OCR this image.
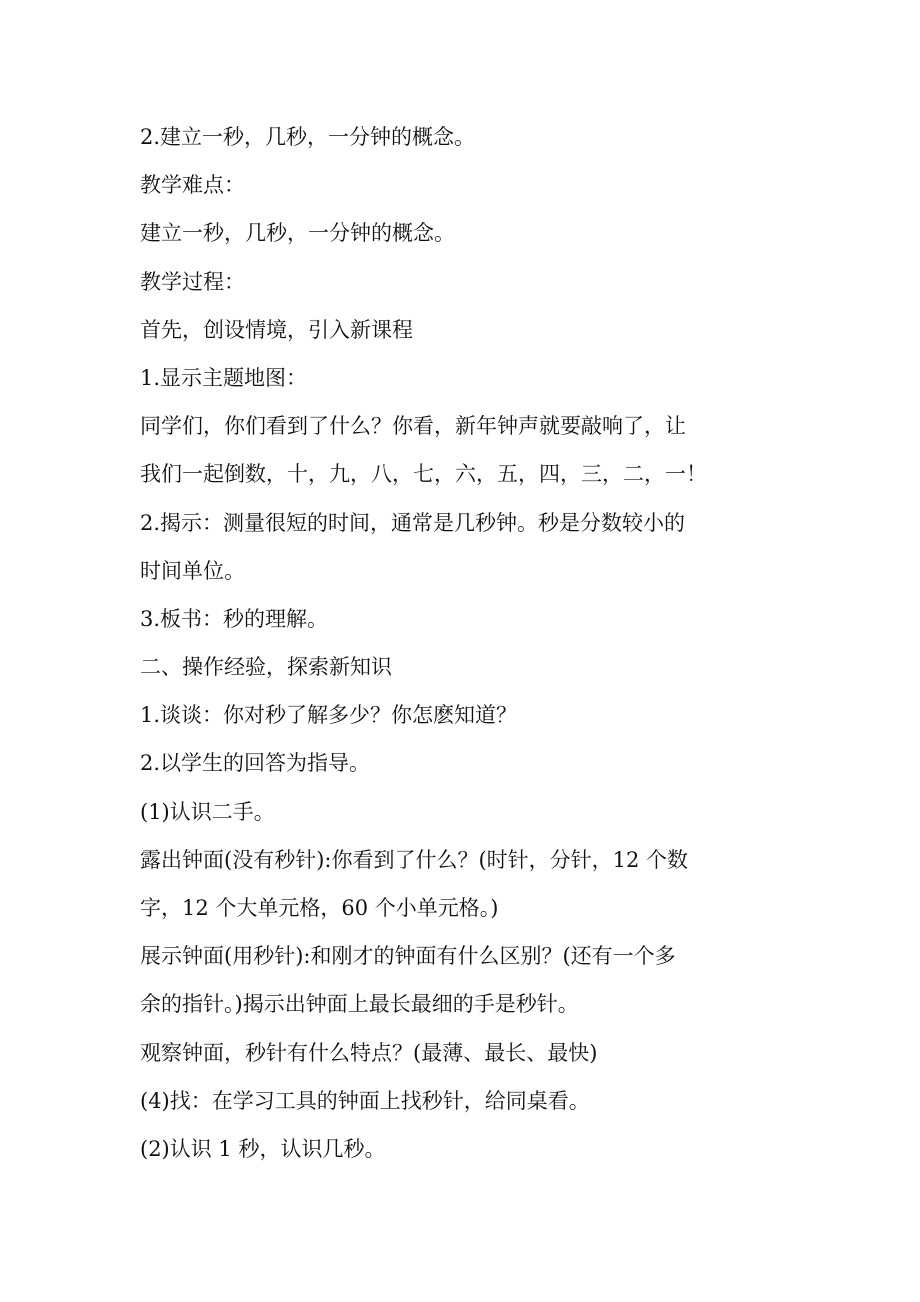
2.建立一秒，几秒，一分钟的概念。

教学难点：

建立一秒，几秒，一分钟的概念。

教学过程：

首先，创设情境，引入新课程

1.显示主题地图：

同学们，你们看到了什么？你看，新年钟声就要敲响了，让

我们一起倒数，十，九，八，七，六，五，四，三，二，一！

2.揭示：测量很短的时间，通常是几秒钟。秒是分数较小的

时间单位。

3.板书：秒的理解。

二、操作经验，探索新知识

1.谈谈：你对秒了解多少？你怎麽知道？

2.以学生的回答为指导。

(1)认识二手。

露出钟面(没有秒针):你看到了什么？(时针，分针，12 个数

字，12 个大单元格，60 个小单元格。)

展示钟面(用秒针):和刚才的钟面有什么区别？(还有一个多

余的指针。)揭示出钟面上最长最细的手是秒针。

观察钟面，秒针有什么特点？(最薄、最长、最快)

(4)找：在学习工具的钟面上找秒针，给同桌看。

(2)认识 1 秒，认识几秒。
